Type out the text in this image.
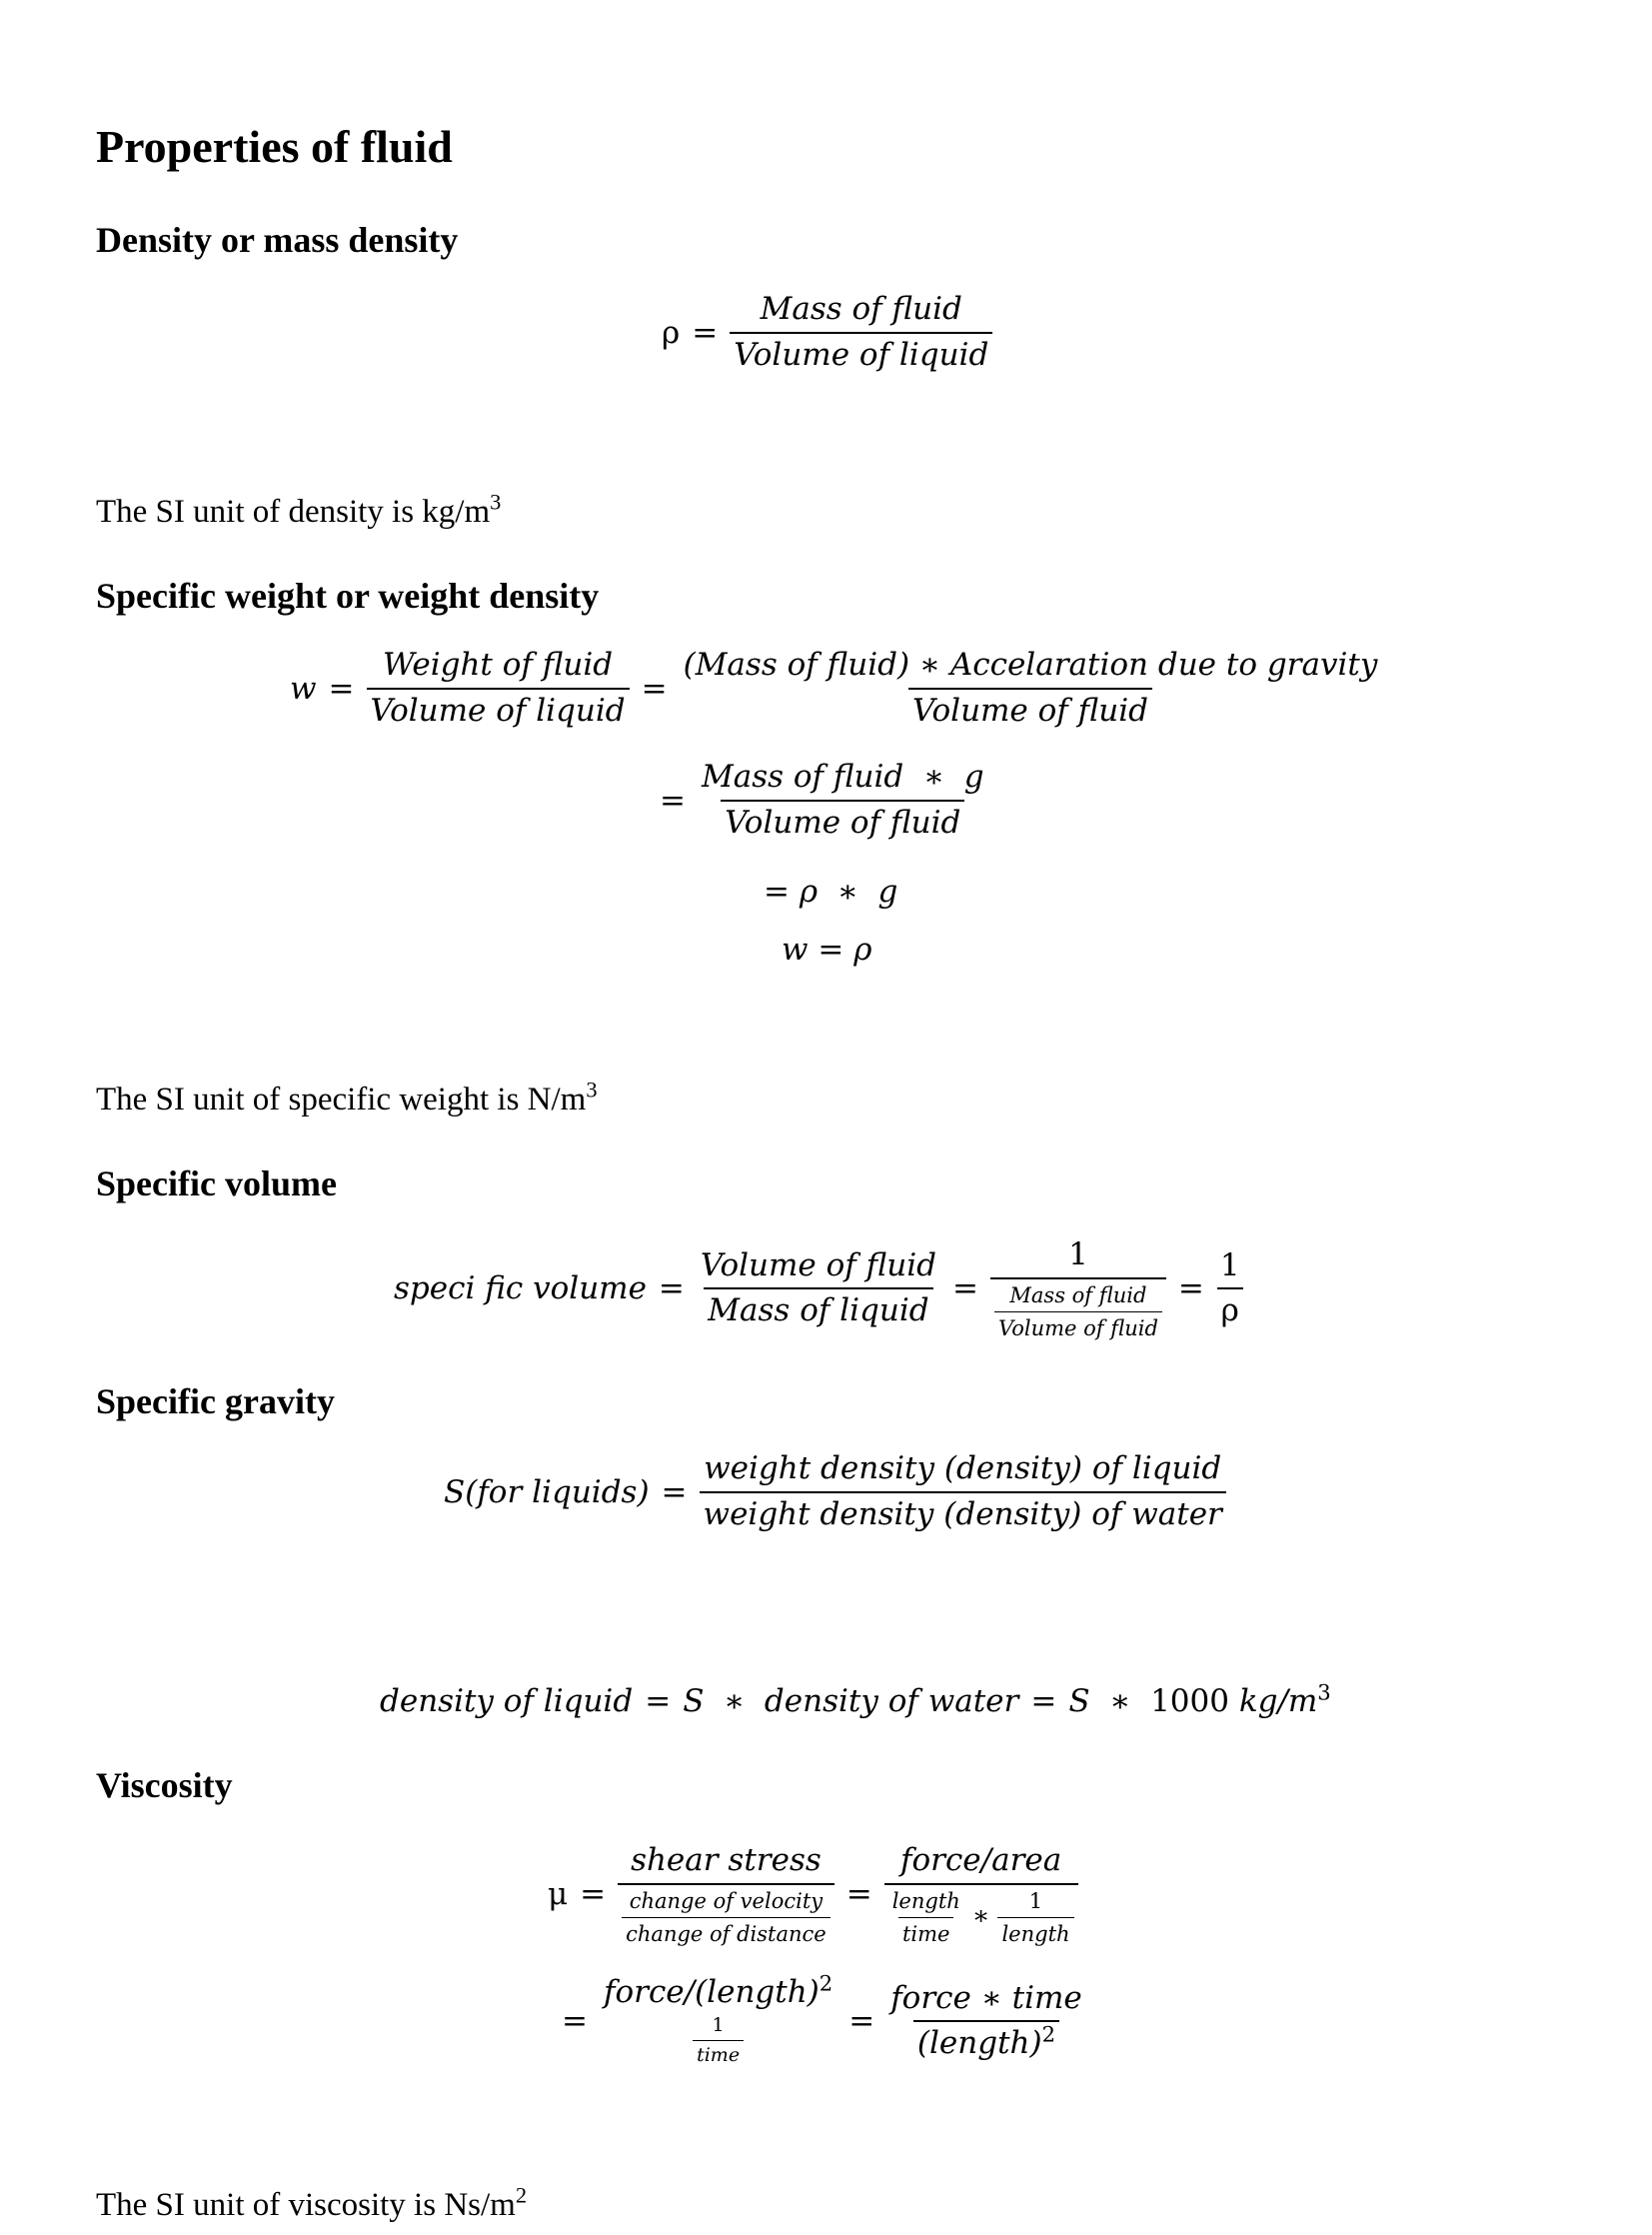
Properties of fluid
Density or mass density
$\rho = \frac{\text{Mass of fluid}}{\text{Volume of liquid}}$

The SI unit of density is $kg/m^3$

Specific weight or weight density
$w = \frac{\text{Weight of fluid}}{\text{Volume of liquid}} = \frac{\text{(Mass of fluid) ∗ Accelaration due to gravity}}{\text{Volume of fluid}}$
= $\frac{\text{Mass of fluid  ∗  g}}{\text{Volume of fluid}}$
= ρ  ∗  g
w = ρ

The SI unit of specific weight is $N/m^3$

Specific volume
speci fic volume = $\frac{\text{Volume of fluid}}{\text{Mass of liquid}} = \frac{1}{\frac{\text{Mass of fluid}}{\text{Volume of fluid}}} = \frac{1}{\rho}$
Specific gravity
S(for liquids) = $\frac{\text{weight density (density) of liquid}}{\text{weight density (density) of water}}$
density of liquid = S  ∗  density of water = S  ∗  1000 $kg/m^3$
Viscosity
$\mu = \frac{\text{shear stress}}{\frac{\text{change of velocity}}{\text{change of distance}}}$ =
force/area
$\frac{\text{length}}{\text{time}}$ ∗ $\frac{1}{\text{length}}$
=
force/(length)$^2$
$\frac{1}{\text{time}}$	= $\frac{\text{force ∗ time}}{(length)^2}$

The SI unit of viscosity is $Ns/m^2$
